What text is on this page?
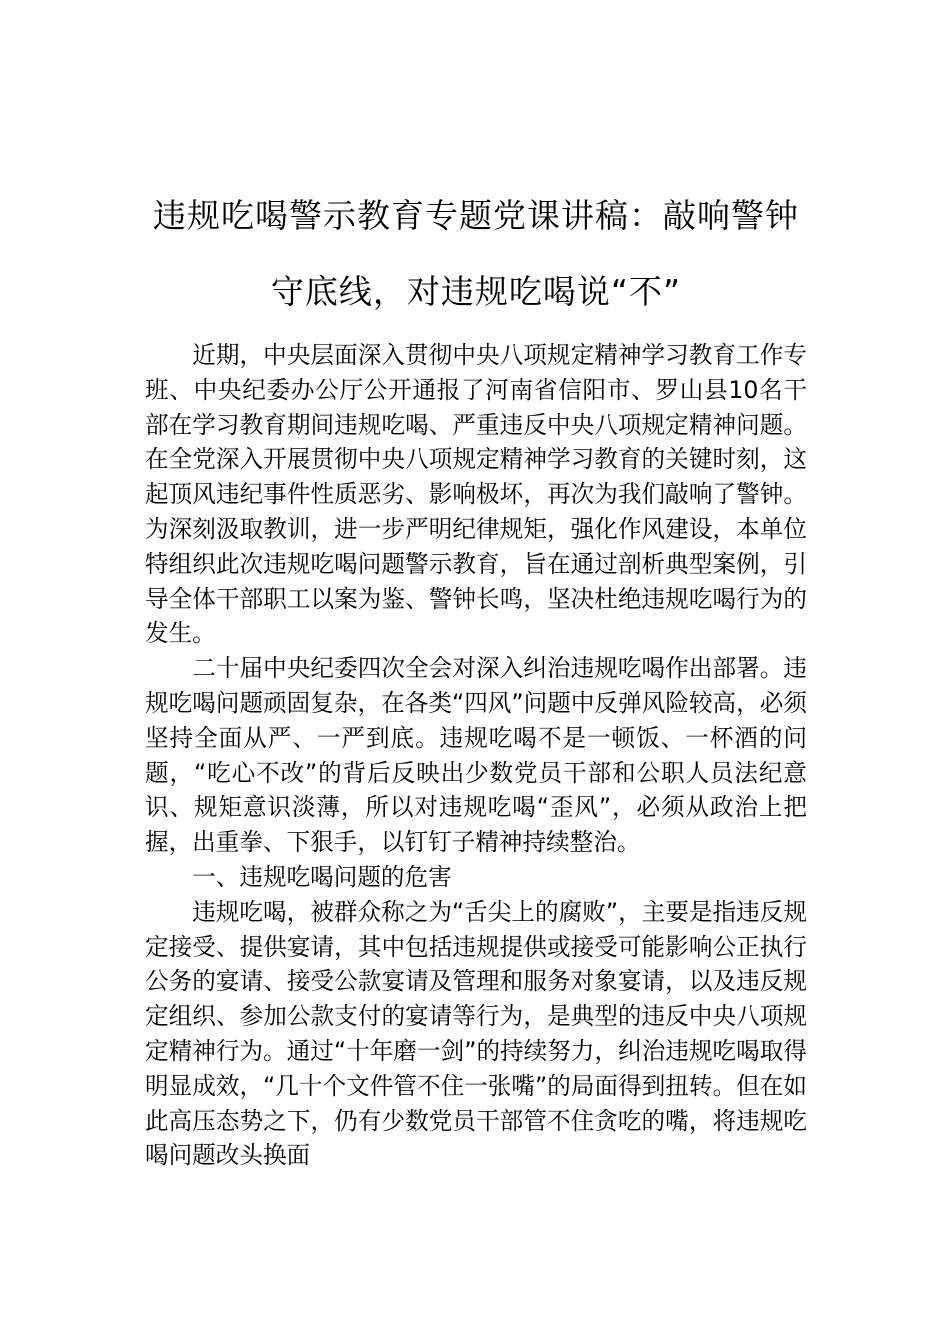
违规吃喝警示教育专题党课讲稿：敲响警钟守底线，对违规吃喝说“不”

近期，中央层面深入贯彻中央八项规定精神学习教育工作专班、中央纪委办公厅公开通报了河南省信阳市、罗山县10名干部在学习教育期间违规吃喝、严重违反中央八项规定精神问题。在全党深入开展贯彻中央八项规定精神学习教育的关键时刻，这起顶风违纪事件性质恶劣、影响极坏，再次为我们敲响了警钟。为深刻汲取教训，进一步严明纪律规矩，强化作风建设，本单位特组织此次违规吃喝问题警示教育，旨在通过剖析典型案例，引导全体干部职工以案为鉴、警钟长鸣，坚决杜绝违规吃喝行为的发生。

二十届中央纪委四次全会对深入纠治违规吃喝作出部署。违规吃喝问题顽固复杂，在各类“四风”问题中反弹风险较高，必须坚持全面从严、一严到底。违规吃喝不是一顿饭、一杯酒的问题，“吃心不改”的背后反映出少数党员干部和公职人员法纪意识、规矩意识淡薄，所以对违规吃喝“歪风”，必须从政治上把握，出重拳、下狠手，以钉钉子精神持续整治。

一、违规吃喝问题的危害

违规吃喝，被群众称之为“舌尖上的腐败”，主要是指违反规定接受、提供宴请，其中包括违规提供或接受可能影响公正执行公务的宴请、接受公款宴请及管理和服务对象宴请，以及违反规定组织、参加公款支付的宴请等行为，是典型的违反中央八项规定精神行为。通过“十年磨一剑”的持续努力，纠治违规吃喝取得明显成效，“几十个文件管不住一张嘴”的局面得到扭转。但在如此高压态势之下，仍有少数党员干部管不住贪吃的嘴，将违规吃喝问题改头换面
